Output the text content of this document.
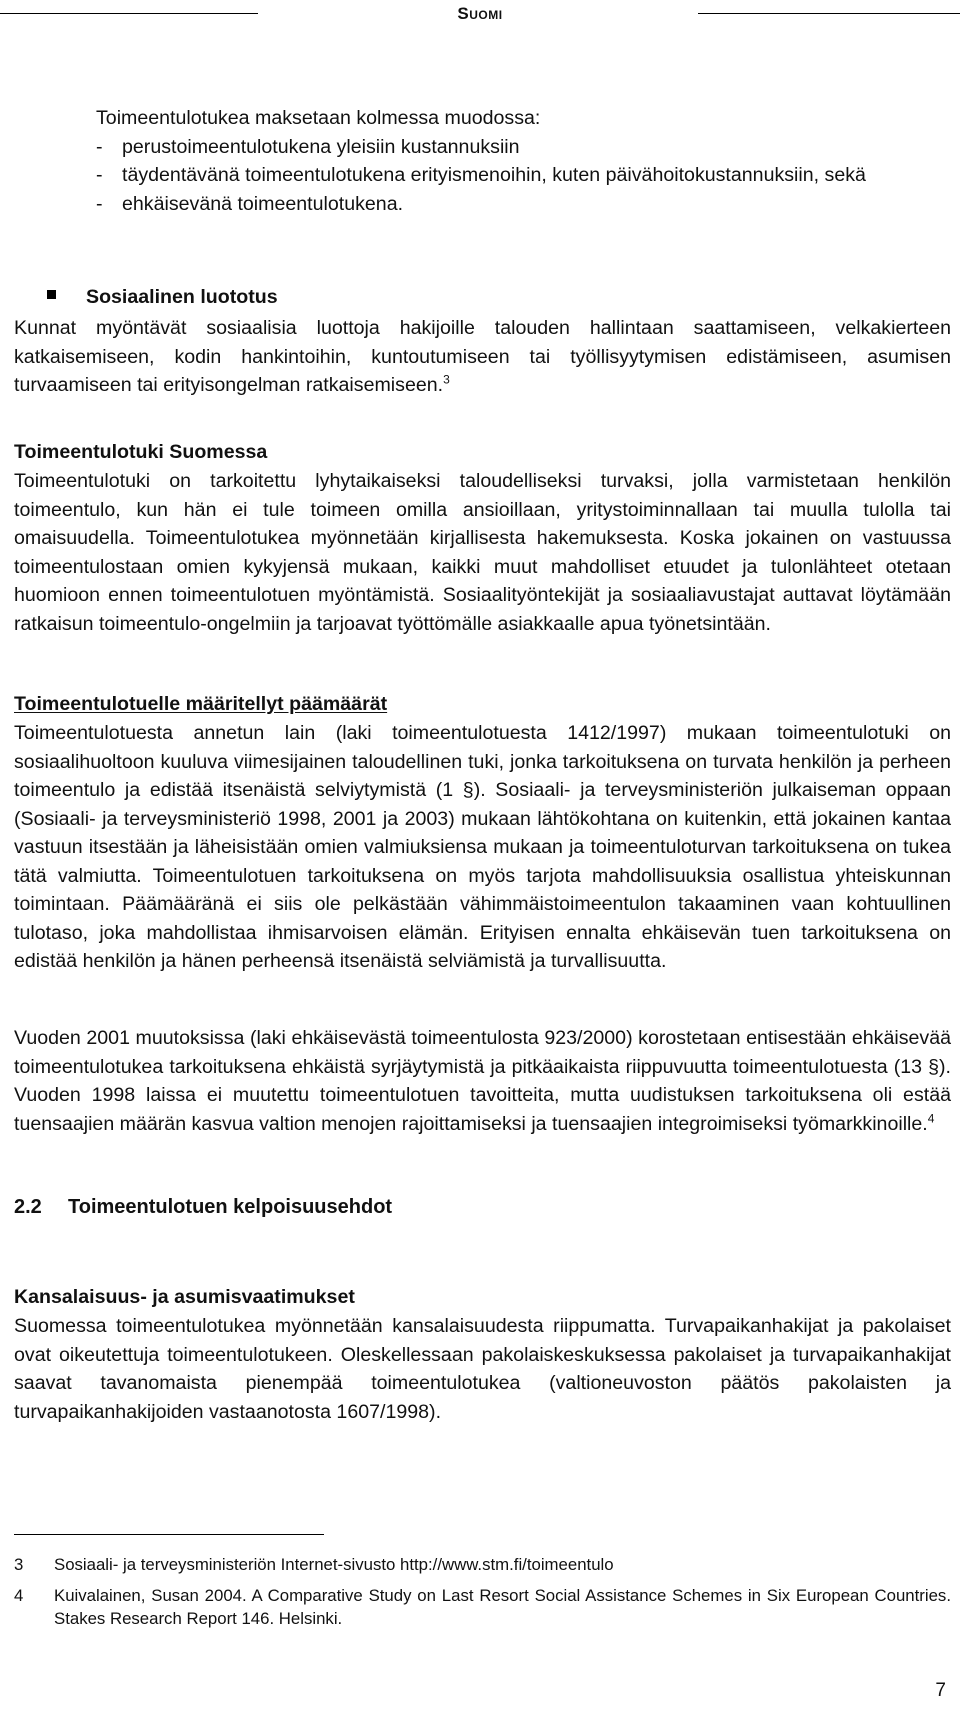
Suomi
Toimeentulotukea maksetaan kolmessa muodossa:
- perustoimeentulotukena yleisiin kustannuksiin
- täydentävänä toimeentulotukena erityismenoihin, kuten päivähoitokustannuksiin, sekä
- ehkäisevänä toimeentulotukena.
Sosiaalinen luototus
Kunnat myöntävät sosiaalisia luottoja hakijoille talouden hallintaan saattamiseen, velkakierteen katkaisemiseen, kodin hankintoihin, kuntoutumiseen tai työllisyytymisen edistämiseen, asumisen turvaamiseen tai erityisongelman ratkaisemiseen.$^3$
Toimeentulotuki Suomessa
Toimeentulotuki on tarkoitettu lyhytaikaiseksi taloudelliseksi turvaksi, jolla varmistetaan henkilön toimeentulo, kun hän ei tule toimeen omilla ansioillaan, yritystoiminnallaan tai muulla tulolla tai omaisuudella. Toimeentulotukea myönnetään kirjallisesta hakemuksesta. Koska jokainen on vastuussa toimeentulostaan omien kykyjensä mukaan, kaikki muut mahdolliset etuudet ja tulonlähteet otetaan huomioon ennen toimeentulotuen myöntämistä. Sosiaalityöntekijät ja sosiaaliavustajat auttavat löytämään ratkaisun toimeentulo-ongelmiin ja tarjoavat työttömälle asiakkaalle apua työnetsintään.
Toimeentulotuelle määritellyt päämäärät
Toimeentulotuesta annetun lain (laki toimeentulotuesta 1412/1997) mukaan toimeentulotuki on sosiaalihuoltoon kuuluva viimesijainen taloudellinen tuki, jonka tarkoituksena on turvata henkilön ja perheen toimeentulo ja edistää itsenäistä selviytymistä (1 §). Sosiaali- ja terveysministeriön julkaiseman oppaan (Sosiaali- ja terveysministeriö 1998, 2001 ja 2003) mukaan lähtökohtana on kuitenkin, että jokainen kantaa vastuun itsestään ja läheisistään omien valmiuksiensa mukaan ja toimeentuloturvan tarkoituksena on tukea tätä valmiutta. Toimeentulotuen tarkoituksena on myös tarjota mahdollisuuksia osallistua yhteiskunnan toimintaan. Päämääränä ei siis ole pelkästään vähimmäistoimeentulon takaaminen vaan kohtuullinen tulotaso, joka mahdollistaa ihmisarvoisen elämän. Erityisen ennalta ehkäisevän tuen tarkoituksena on edistää henkilön ja hänen perheensä itsenäistä selviämistä ja turvallisuutta.
Vuoden 2001 muutoksissa (laki ehkäisevästä toimeentulosta 923/2000) korostetaan entisestään ehkäisevää toimeentulotukea tarkoituksena ehkäistä syrjäytymistä ja pitkäaikaista riippuvuutta toimeentulotuesta (13 §). Vuoden 1998 laissa ei muutettu toimeentulotuen tavoitteita, mutta uudistuksen tarkoituksena oli estää tuensaajien määrän kasvua valtion menojen rajoittamiseksi ja tuensaajien integroimiseksi työmarkkinoille.$^4$
2.2 Toimeentulotuen kelpoisuusehdot
Kansalaisuus- ja asumisvaatimukset
Suomessa toimeentulotukea myönnetään kansalaisuudesta riippumatta. Turvapaikanhakijat ja pakolaiset ovat oikeutettuja toimeentulotukeen. Oleskellessaan pakolaiskeskuksessa pakolaiset ja turvapaikanhakijat saavat tavanomaista pienempää toimeentulotukea (valtioneuvoston päätös pakolaisten ja turvapaikanhakijoiden vastaanotosta 1607/1998).
3	Sosiaali- ja terveysministeriön Internet-sivusto http://www.stm.fi/toimeentulo
4	Kuivalainen, Susan 2004. A Comparative Study on Last Resort Social Assistance Schemes in Six European Countries. Stakes Research Report 146. Helsinki.
7
